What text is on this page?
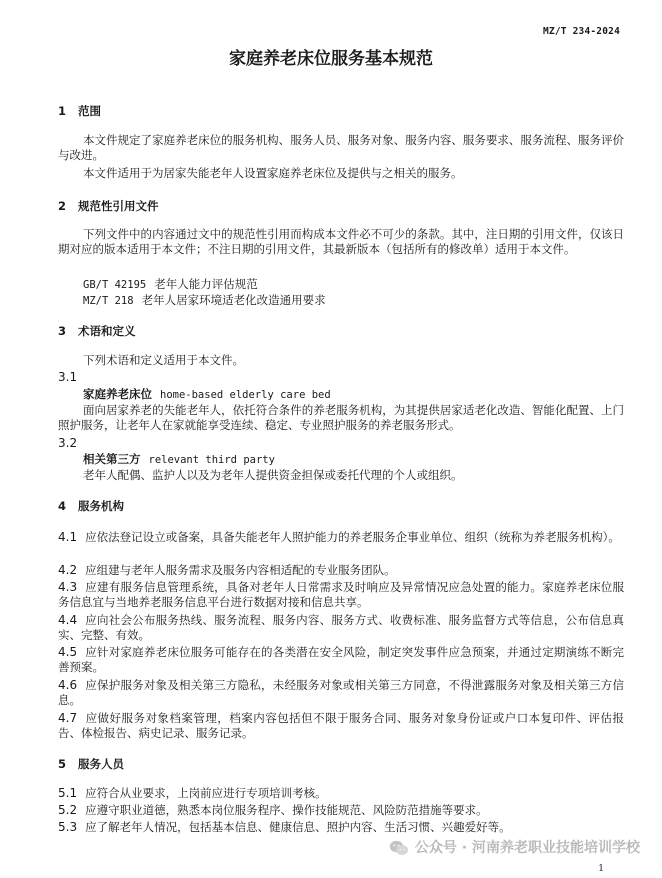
MZ/T 234-2024
家庭养老床位服务基本规范
1 范围
本文件规定了家庭养老床位的服务机构、服务人员、服务对象、服务内容、服务要求、服务流程、服务评价与改进。
本文件适用于为居家失能老年人设置家庭养老床位及提供与之相关的服务。
2 规范性引用文件
下列文件中的内容通过文中的规范性引用而构成本文件必不可少的条款。其中，注日期的引用文件，仅该日期对应的版本适用于本文件；不注日期的引用文件，其最新版本（包括所有的修改单）适用于本文件。
GB/T 42195 老年人能力评估规范
MZ/T 218 老年人居家环境适老化改造通用要求
3 术语和定义
下列术语和定义适用于本文件。
3.1
家庭养老床位 home-based elderly care bed
面向居家养老的失能老年人，依托符合条件的养老服务机构，为其提供居家适老化改造、智能化配置、上门照护服务，让老年人在家就能享受连续、稳定、专业照护服务的养老服务形式。
3.2
相关第三方 relevant third party
老年人配偶、监护人以及为老年人提供资金担保或委托代理的个人或组织。
4 服务机构
4.1 应依法登记设立或备案，具备失能老年人照护能力的养老服务企事业单位、组织（统称为养老服务机构）。
4.2 应组建与老年人服务需求及服务内容相适配的专业服务团队。
4.3 应建有服务信息管理系统，具备对老年人日常需求及时响应及异常情况应急处置的能力。家庭养老床位服务信息宜与当地养老服务信息平台进行数据对接和信息共享。
4.4 应向社会公布服务热线、服务流程、服务内容、服务方式、收费标准、服务监督方式等信息，公布信息真实、完整、有效。
4.5 应针对家庭养老床位服务可能存在的各类潜在安全风险，制定突发事件应急预案，并通过定期演练不断完善预案。
4.6 应保护服务对象及相关第三方隐私，未经服务对象或相关第三方同意，不得泄露服务对象及相关第三方信息。
4.7 应做好服务对象档案管理，档案内容包括但不限于服务合同、服务对象身份证或户口本复印件、评估报告、体检报告、病史记录、服务记录。
5 服务人员
5.1 应符合从业要求，上岗前应进行专项培训考核。
5.2 应遵守职业道德，熟悉本岗位服务程序、操作技能规范、风险防范措施等要求。
5.3 应了解老年人情况，包括基本信息、健康信息、照护内容、生活习惯、兴趣爱好等。
公众号 · 河南养老职业技能培训学校
1
